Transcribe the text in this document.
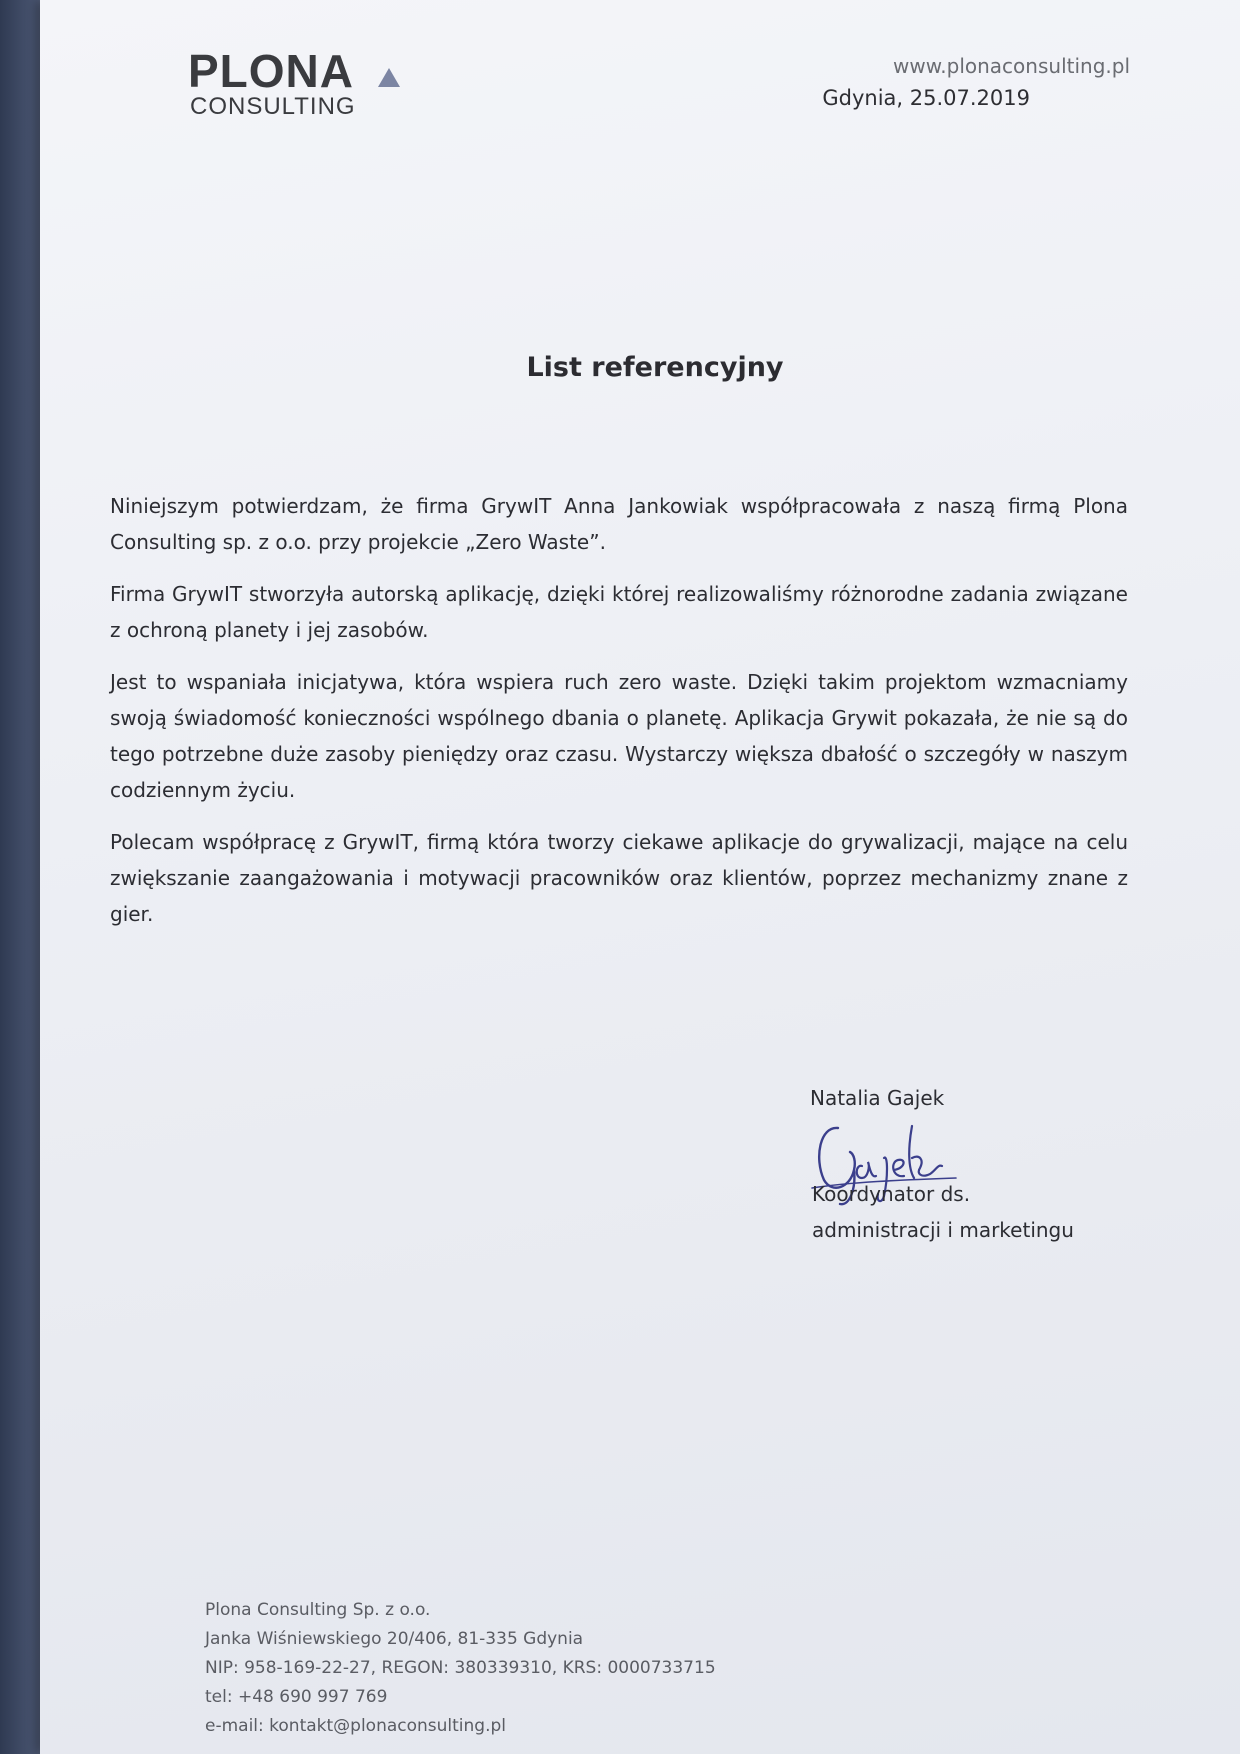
PLONA
CONSULTING
www.plonaconsulting.pl
Gdynia, 25.07.2019
List referencyjny

Niniejszym potwierdzam, że firma GrywIT Anna Jankowiak współpracowała z naszą firmą Plona Consulting sp. z o.o. przy projekcie „Zero Waste”.

Firma GrywIT stworzyła autorską aplikację, dzięki której realizowaliśmy różnorodne zadania związane z ochroną planety i jej zasobów.

Jest to wspaniała inicjatywa, która wspiera ruch zero waste. Dzięki takim projektom wzmacniamy swoją świadomość konieczności wspólnego dbania o planetę. Aplikacja Grywit pokazała, że nie są do tego potrzebne duże zasoby pieniędzy oraz czasu. Wystarczy większa dbałość o szczegóły w naszym codziennym życiu.

Polecam współpracę z GrywIT, firmą która tworzy ciekawe aplikacje do grywalizacji, mające na celu zwiększanie zaangażowania i motywacji pracowników oraz klientów, poprzez mechanizmy znane z gier.

Natalia Gajek
Koordynator ds.
administracji i marketingu
Plona Consulting Sp. z o.o.
Janka Wiśniewskiego 20/406, 81-335 Gdynia
NIP: 958-169-22-27, REGON: 380339310, KRS: 0000733715
tel: +48 690 997 769
e-mail: kontakt@plonaconsulting.pl
